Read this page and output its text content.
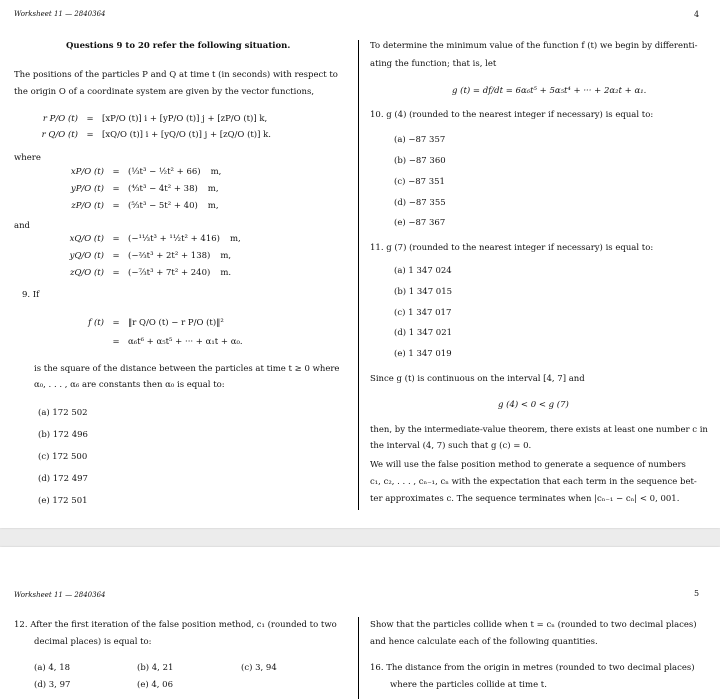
Worksheet 11 — 2840364	4
Questions 9 to 20 refer the following situation.
The positions of the particles P and Q at time t (in seconds) with respect to
the origin O of a coordinate system are given by the vector functions,
r P/O (t) = [xP/O (t)] i + [yP/O (t)] j + [zP/O (t)] k,
r Q/O (t) = [xQ/O (t)] i + [yQ/O (t)] j + [zQ/O (t)] k.
where
xP/O (t) = (⅓t³ − ½t² + 66) m,
yP/O (t) = (⁴⁄₃t³ − 4t² + 38) m,
zP/O (t) = (⁵⁄₃t³ − 5t² + 40) m,
and
xQ/O (t) = (−¹¹⁄₃t³ + ¹¹⁄₂t² + 416) m,
yQ/O (t) = (−⅔t³ + 2t² + 138) m,
zQ/O (t) = (−⁷⁄₃t³ + 7t² + 240) m.
9. If
f (t) = ‖r Q/O (t) − r P/O (t)‖²
= α₆t⁶ + α₅t⁵ + ··· + α₁t + α₀.
is the square of the distance between the particles at time t ≥ 0 where
α₀, . . . , α₆ are constants then α₀ is equal to:
(a) 172 502
(b) 172 496
(c) 172 500
(d) 172 497
(e) 172 501
To determine the minimum value of the function f (t) we begin by differenti-
ating the function; that is, let
g (t) = df/dt = 6α₆t⁵ + 5α₅t⁴ + ··· + 2α₂t + α₁.
10. g (4) (rounded to the nearest integer if necessary) is equal to:
(a) −87 357
(b) −87 360
(c) −87 351
(d) −87 355
(e) −87 367
11. g (7) (rounded to the nearest integer if necessary) is equal to:
(a) 1 347 024
(b) 1 347 015
(c) 1 347 017
(d) 1 347 021
(e) 1 347 019
Since g (t) is continuous on the interval [4, 7] and
g (4) < 0 < g (7)
then, by the intermediate-value theorem, there exists at least one number c in
the interval (4, 7) such that g (c) = 0.
We will use the false position method to generate a sequence of numbers
c₁, c₂, . . . , cₙ₋₁, cₙ with the expectation that each term in the sequence bet-
ter approximates c. The sequence terminates when |cₙ₋₁ − cₙ| < 0, 001.
Worksheet 11 — 2840364	5
12. After the first iteration of the false position method, c₁ (rounded to two
decimal places) is equal to:
(a) 4, 18	(b) 4, 21	(c) 3, 94
(d) 3, 97	(e) 4, 06
Show that the particles collide when t = cₙ (rounded to two decimal places)
and hence calculate each of the following quantities.
16. The distance from the origin in metres (rounded to two decimal places)
where the particles collide at time t.
